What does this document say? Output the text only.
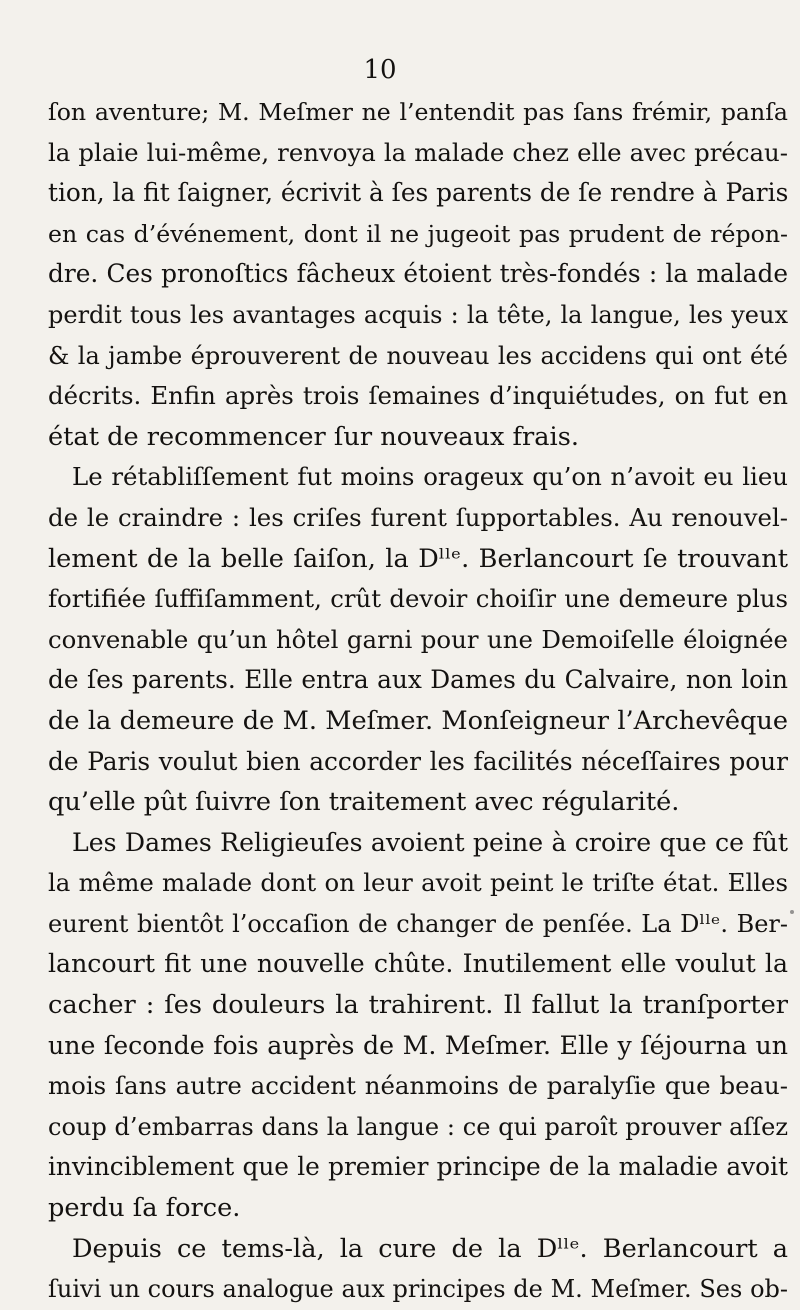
10
ſon aventure; M. Meſmer ne l’entendit pas ſans frémir, panſa
la plaie lui-même, renvoya la malade chez elle avec précau-
tion, la fit ſaigner, écrivit à ſes parents de ſe rendre à Paris
en cas d’événement, dont il ne jugeoit pas prudent de répon-
dre. Ces pronoſtics fâcheux étoient très-fondés : la malade
perdit tous les avantages acquis : la tête, la langue, les yeux
& la jambe éprouverent de nouveau les accidens qui ont été
décrits. Enfin après trois ſemaines d’inquiétudes, on fut en
état de recommencer ſur nouveaux frais.
Le rétabliſſement fut moins orageux qu’on n’avoit eu lieu
de le craindre : les criſes furent ſupportables. Au renouvel-
lement de la belle ſaiſon, la Dˡˡᵉ. Berlancourt ſe trouvant
fortifiée ſuffiſamment, crût devoir choiſir une demeure plus
convenable qu’un hôtel garni pour une Demoiſelle éloignée
de ſes parents. Elle entra aux Dames du Calvaire, non loin
de la demeure de M. Meſmer. Monſeigneur l’Archevêque
de Paris voulut bien accorder les facilités néceſſaires pour
qu’elle pût ſuivre ſon traitement avec régularité.
Les Dames Religieuſes avoient peine à croire que ce fût
la même malade dont on leur avoit peint le triſte état. Elles
eurent bientôt l’occaſion de changer de penſée. La Dˡˡᵉ. Ber-
lancourt fit une nouvelle chûte. Inutilement elle voulut la
cacher : ſes douleurs la trahirent. Il fallut la tranſporter
une ſeconde fois auprès de M. Meſmer. Elle y ſéjourna un
mois ſans autre accident néanmoins de paralyſie que beau-
coup d’embarras dans la langue : ce qui paroît prouver aſſez
invinciblement que le premier principe de la maladie avoit
perdu ſa force.
Depuis ce tems-là, la cure de la Dˡˡᵉ. Berlancourt a
ſuivi un cours analogue aux principes de M. Meſmer. Ses ob-
